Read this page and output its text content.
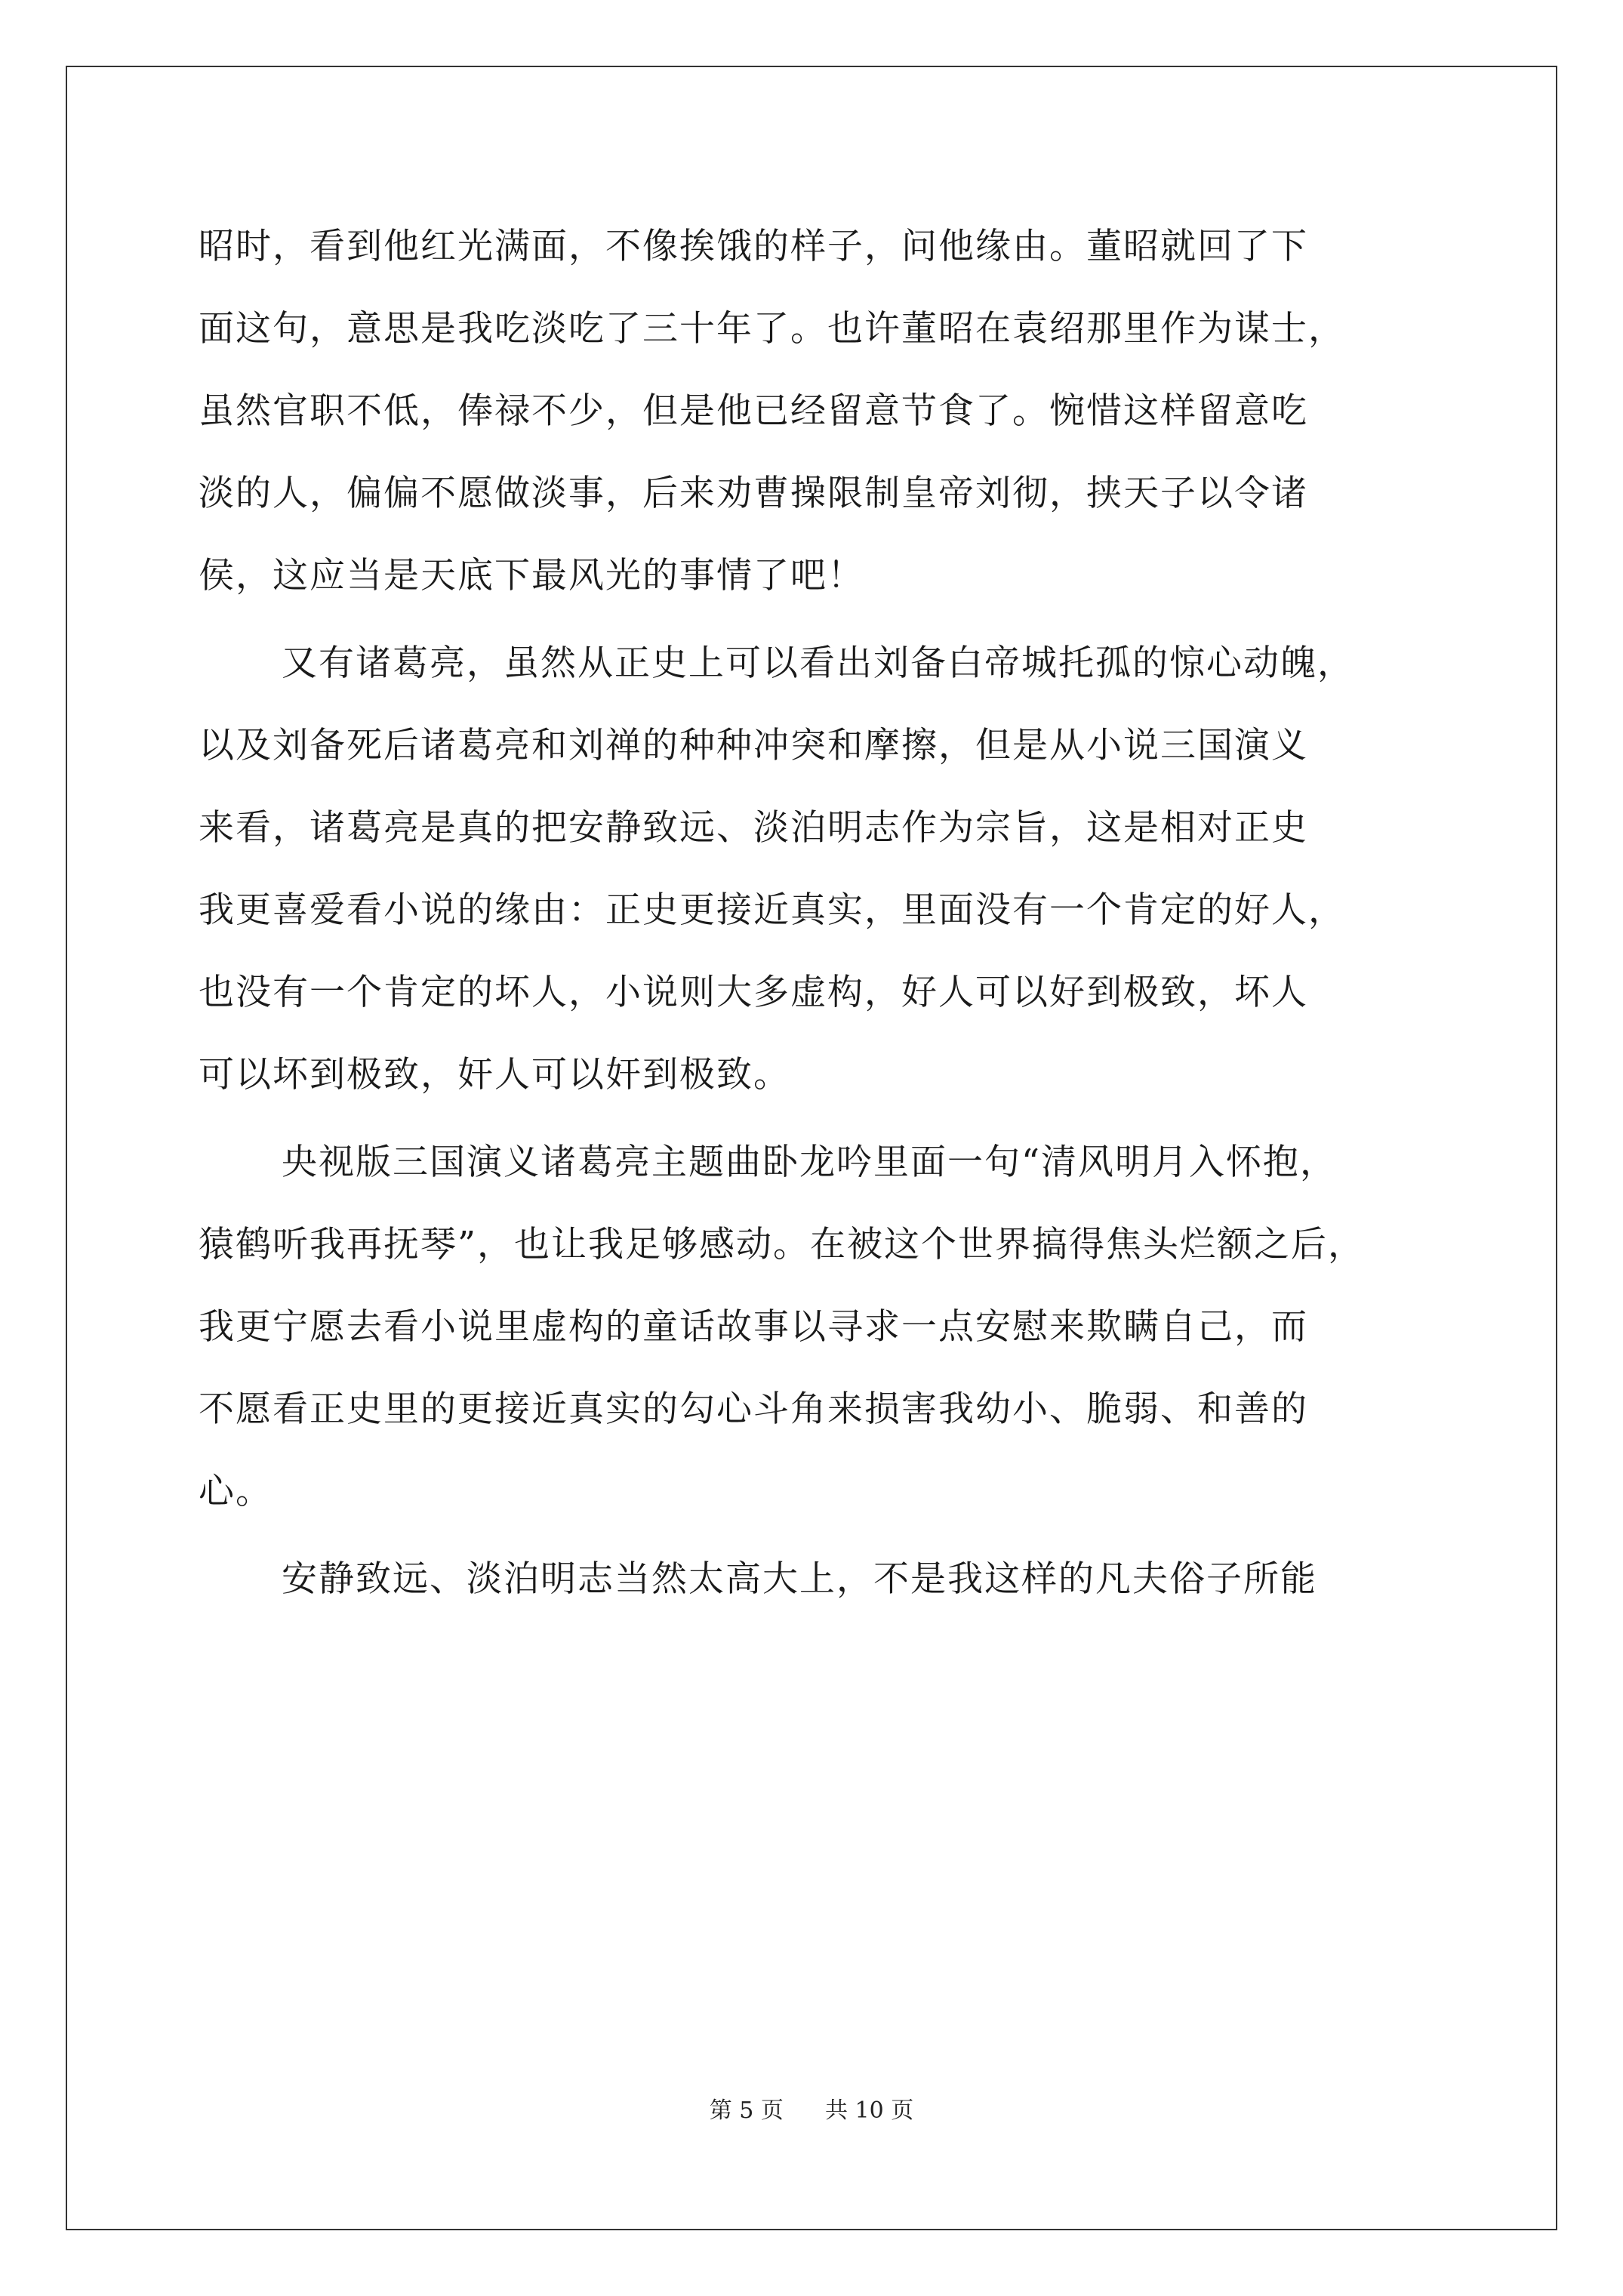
昭时，看到他红光满面，不像挨饿的样子，问他缘由。董昭就回了下
面这句，意思是我吃淡吃了三十年了。也许董昭在袁绍那里作为谋士，
虽然官职不低，俸禄不少，但是他已经留意节食了。惋惜这样留意吃
淡的人，偏偏不愿做淡事，后来劝曹操限制皇帝刘彻，挟天子以令诸
侯，这应当是天底下最风光的事情了吧！
又有诸葛亮，虽然从正史上可以看出刘备白帝城托孤的惊心动魄，
以及刘备死后诸葛亮和刘禅的种种冲突和摩擦，但是从小说三国演义
来看，诸葛亮是真的把安静致远、淡泊明志作为宗旨，这是相对正史
我更喜爱看小说的缘由：正史更接近真实，里面没有一个肯定的好人，
也没有一个肯定的坏人，小说则大多虚构，好人可以好到极致，坏人
可以坏到极致，奸人可以奸到极致。
央视版三国演义诸葛亮主题曲卧龙吟里面一句“清风明月入怀抱，
猿鹤听我再抚琴”，也让我足够感动。在被这个世界搞得焦头烂额之后，
我更宁愿去看小说里虚构的童话故事以寻求一点安慰来欺瞒自己，而
不愿看正史里的更接近真实的勾心斗角来损害我幼小、脆弱、和善的
心。
安静致远、淡泊明志当然太高大上，不是我这样的凡夫俗子所能
第 5 页 共 10 页
